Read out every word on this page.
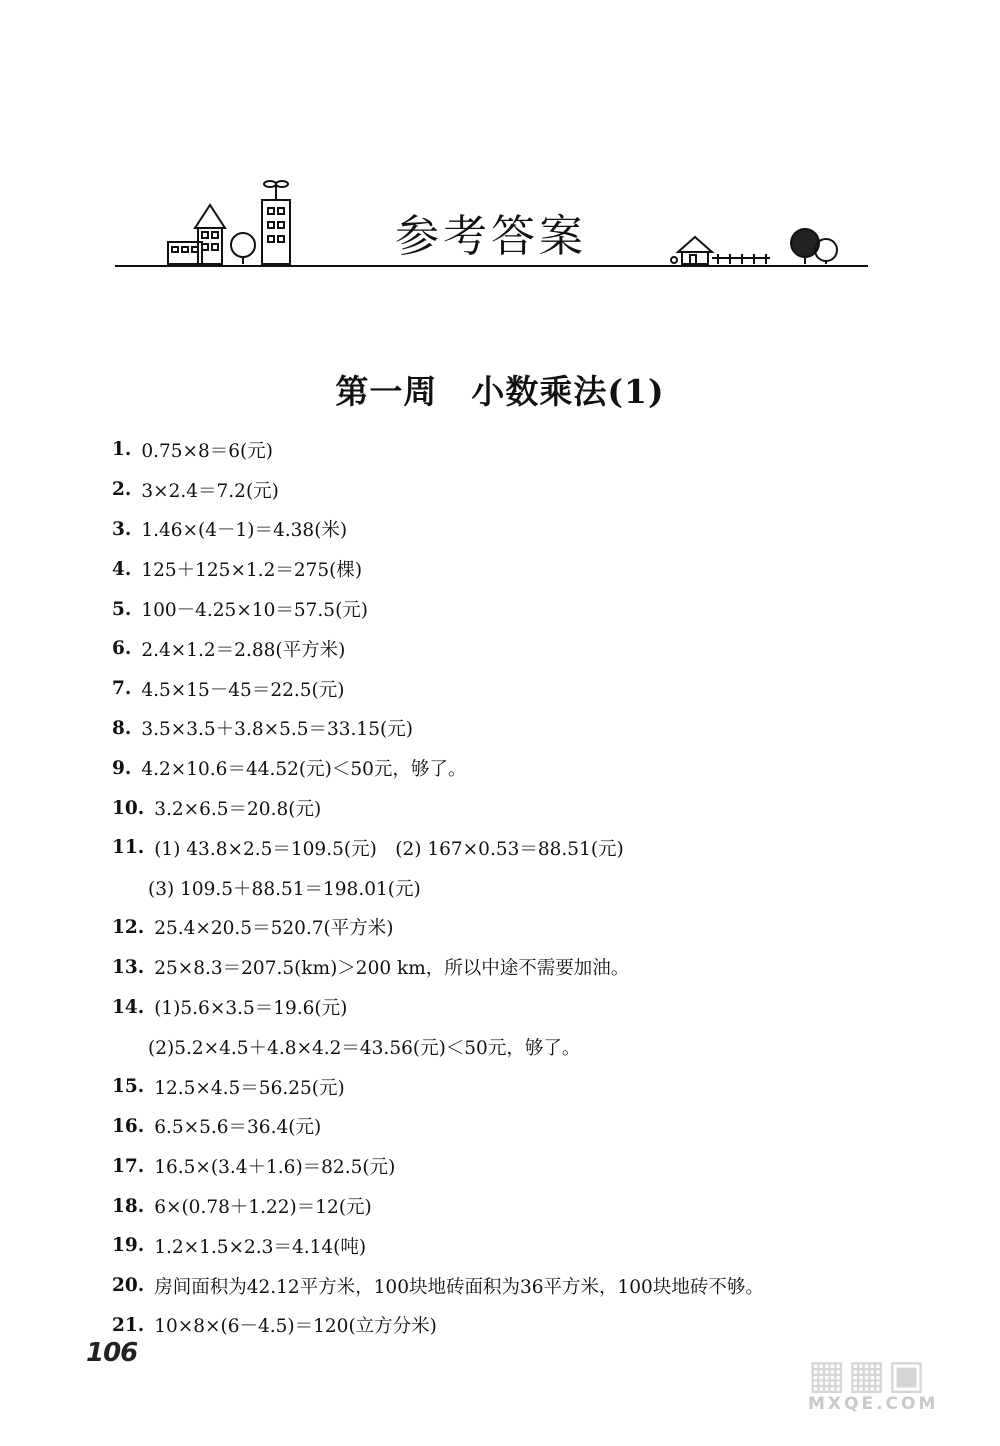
参考答案
第一周　小数乘法(1)
1. 0.75×8＝6(元)
2. 3×2.4＝7.2(元)
3. 1.46×(4－1)＝4.38(米)
4. 125＋125×1.2＝275(棵)
5. 100－4.25×10＝57.5(元)
6. 2.4×1.2＝2.88(平方米)
7. 4.5×15－45＝22.5(元)
8. 3.5×3.5＋3.8×5.5＝33.15(元)
9. 4.2×10.6＝44.52(元)＜50元，够了。
10. 3.2×6.5＝20.8(元)
11. (1) 43.8×2.5＝109.5(元)　(2) 167×0.53＝88.51(元)
(3) 109.5＋88.51＝198.01(元)
12. 25.4×20.5＝520.7(平方米)
13. 25×8.3＝207.5(km)＞200 km，所以中途不需要加油。
14. (1)5.6×3.5＝19.6(元)
(2)5.2×4.5＋4.8×4.2＝43.56(元)＜50元，够了。
15. 12.5×4.5＝56.25(元)
16. 6.5×5.6＝36.4(元)
17. 16.5×(3.4＋1.6)＝82.5(元)
18. 6×(0.78＋1.22)＝12(元)
19. 1.2×1.5×2.3＝4.14(吨)
20. 房间面积为42.12平方米，100块地砖面积为36平方米，100块地砖不够。
21. 10×8×(6－4.5)＝120(立方分米)
106	▦▦▣
MXQE.COM
